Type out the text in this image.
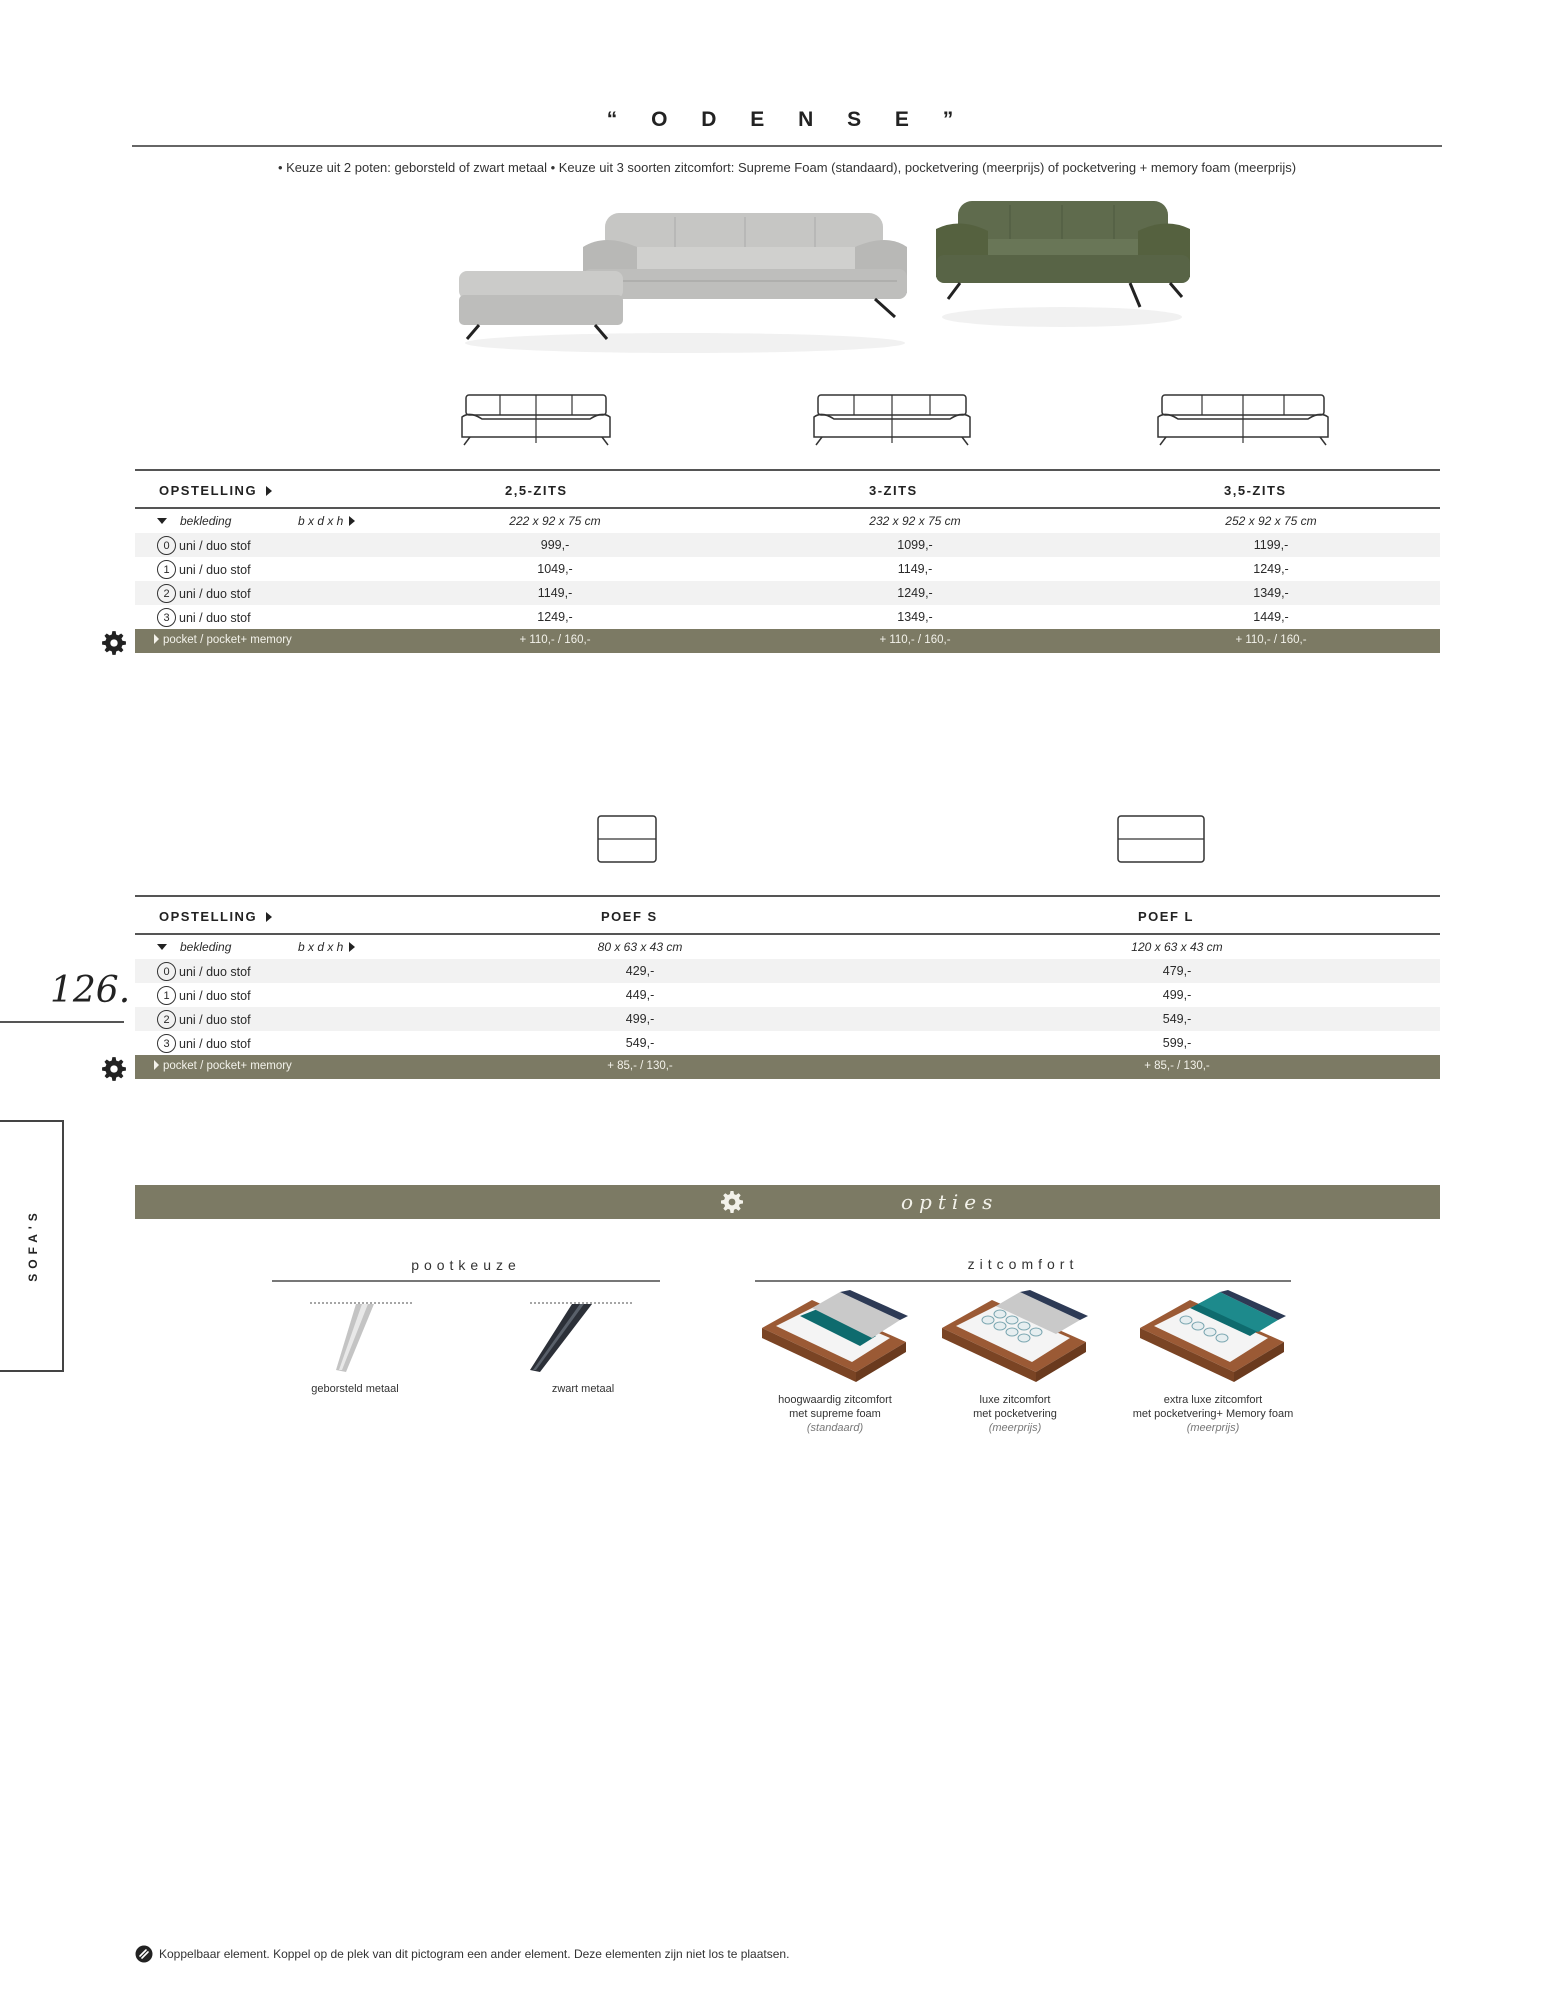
“ O D E N S E ”
• Keuze uit 2 poten: geborsteld of zwart metaal • Keuze uit 3 soorten zitcomfort: Supreme Foam (standaard), pocketvering (meerprijs) of pocketvering + memory foam (meerprijs)
OPSTELLING	2,5-ZITS	3-ZITS	3,5-ZITS
bekleding	b x d x h	222 x 92 x 75 cm	232 x 92 x 75 cm	252 x 92 x 75 cm
0 uni / duo stof	999,-	1099,-	1199,-
1 uni / duo stof	1049,-	1149,-	1249,-
2 uni / duo stof	1149,-	1249,-	1349,-
3 uni / duo stof	1249,-	1349,-	1449,-
pocket / pocket+ memory	+ 110,- / 160,-	+ 110,- / 160,-	+ 110,- / 160,-
OPSTELLING	POEF S	POEF L
bekleding	b x d x h	80 x 63 x 43 cm	120 x 63 x 43 cm
0 uni / duo stof	429,-	479,-
1 uni / duo stof	449,-	499,-
2 uni / duo stof	499,-	549,-
3 uni / duo stof	549,-	599,-
pocket / pocket+ memory	+ 85,- / 130,-	+ 85,- / 130,-
126.
SOFA'S
opties
pootkeuze
geborsteld metaal	zwart metaal
zitcomfort
hoogwaardig zitcomfort
met supreme foam
(standaard)
luxe zitcomfort
met pocketvering
(meerprijs)
extra luxe zitcomfort
met pocketvering+ Memory foam
(meerprijs)
Koppelbaar element. Koppel op de plek van dit pictogram een ander element. Deze elementen zijn niet los te plaatsen.
